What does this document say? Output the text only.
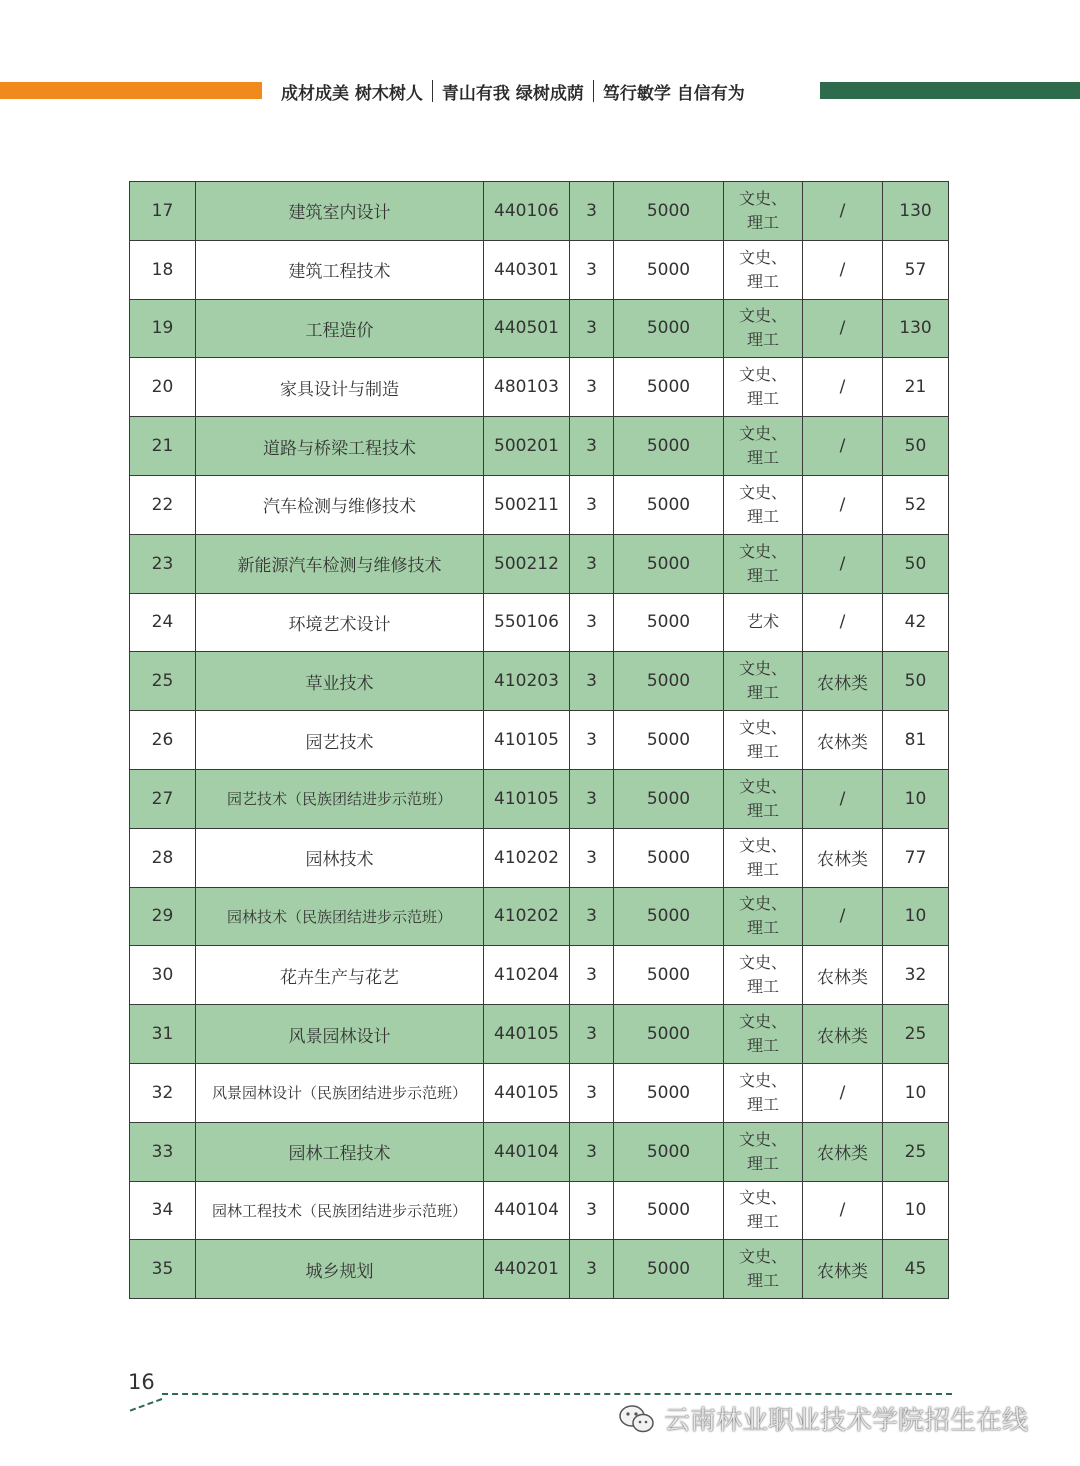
成材成美 树木树人 青山有我 绿树成荫 笃行敏学 自信有为
17	建筑室内设计	440106	3	5000	文史、
理工	/	130
18	建筑工程技术	440301	3	5000	文史、
理工	/	57
19	工程造价	440501	3	5000	文史、
理工	/	130
20	家具设计与制造	480103	3	5000	文史、
理工	/	21
21	道路与桥梁工程技术	500201	3	5000	文史、
理工	/	50
22	汽车检测与维修技术	500211	3	5000	文史、
理工	/	52
23	新能源汽车检测与维修技术	500212	3	5000	文史、
理工	/	50
24	环境艺术设计	550106	3	5000	艺术	/	42
25	草业技术	410203	3	5000	文史、
理工	农林类	50
26	园艺技术	410105	3	5000	文史、
理工	农林类	81
27	园艺技术（民族团结进步示范班）	410105	3	5000	文史、
理工	/	10
28	园林技术	410202	3	5000	文史、
理工	农林类	77
29	园林技术（民族团结进步示范班）	410202	3	5000	文史、
理工	/	10
30	花卉生产与花艺	410204	3	5000	文史、
理工	农林类	32
31	风景园林设计	440105	3	5000	文史、
理工	农林类	25
32	风景园林设计（民族团结进步示范班）	440105	3	5000	文史、
理工	/	10
33	园林工程技术	440104	3	5000	文史、
理工	农林类	25
34	园林工程技术（民族团结进步示范班）	440104	3	5000	文史、
理工	/	10
35	城乡规划	440201	3	5000	文史、
理工	农林类	45
16
云南林业职业技术学院招生在线
